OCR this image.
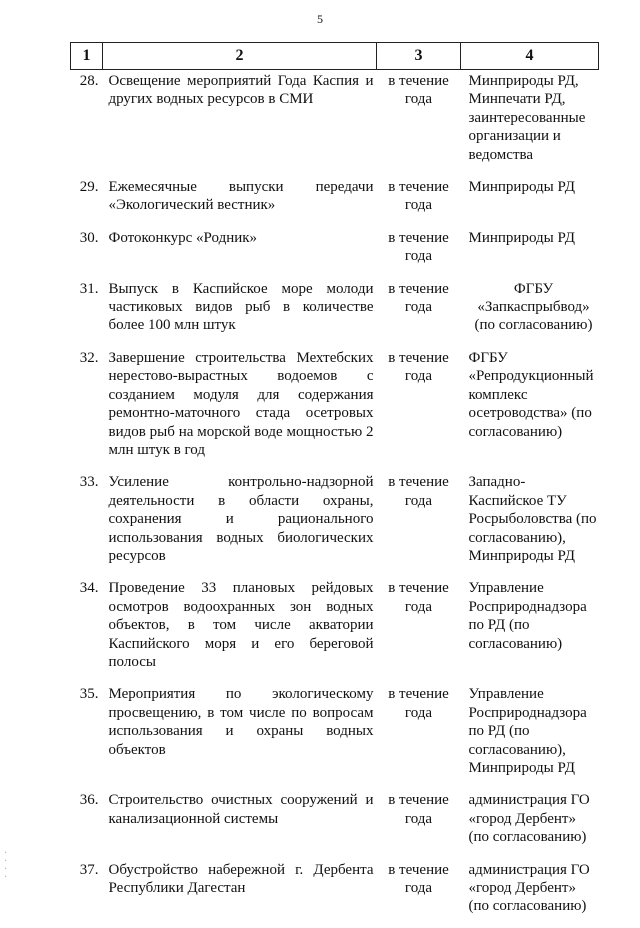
5
1	2	3	4
28.	Освещение мероприятий Года Каспия и других водных ресурсов в СМИ	в течение года	Минприроды РД, Минпечати РД, заинтересованные организации и ведомства
29.	Ежемесячные выпуски передачи «Экологический вестник»	в течение года	Минприроды РД
30.	Фотоконкурс «Родник»	в течение года	Минприроды РД
31.	Выпуск в Каспийское море молоди частиковых видов рыб в количестве более 100 млн штук	в течение года	ФГБУ «Запкаспрыбвод» (по согласованию)
32.	Завершение строительства Мехтебских нерестово-вырастных водоемов с созданием модуля для содержания ремонтно-маточного стада осетровых видов рыб на морской воде мощностью 2 млн штук в год	в течение года	ФГБУ «Репродукционный комплекс осетроводства» (по согласованию)
33.	Усиление контрольно-надзорной деятельности в области охраны, сохранения и рационального использования водных биологических ресурсов	в течение года	Западно-Каспийское ТУ Росрыболовства (по согласованию), Минприроды РД
34.	Проведение 33 плановых рейдовых осмотров водоохранных зон водных объектов, в том числе акватории Каспийского моря и его береговой полосы	в течение года	Управление Росприроднадзора по РД (по согласованию)
35.	Мероприятия по экологическому просвещению, в том числе по вопросам использования и охраны водных объектов	в течение года	Управление Росприроднадзора по РД (по согласованию), Минприроды РД
36.	Строительство очистных сооружений и канализационной системы	в течение года	администрация ГО «город Дербент» (по согласованию)
37.	Обустройство набережной г. Дербента Республики Дагестан	в течение года	администрация ГО «город Дербент» (по согласованию)
·
·
·
·
